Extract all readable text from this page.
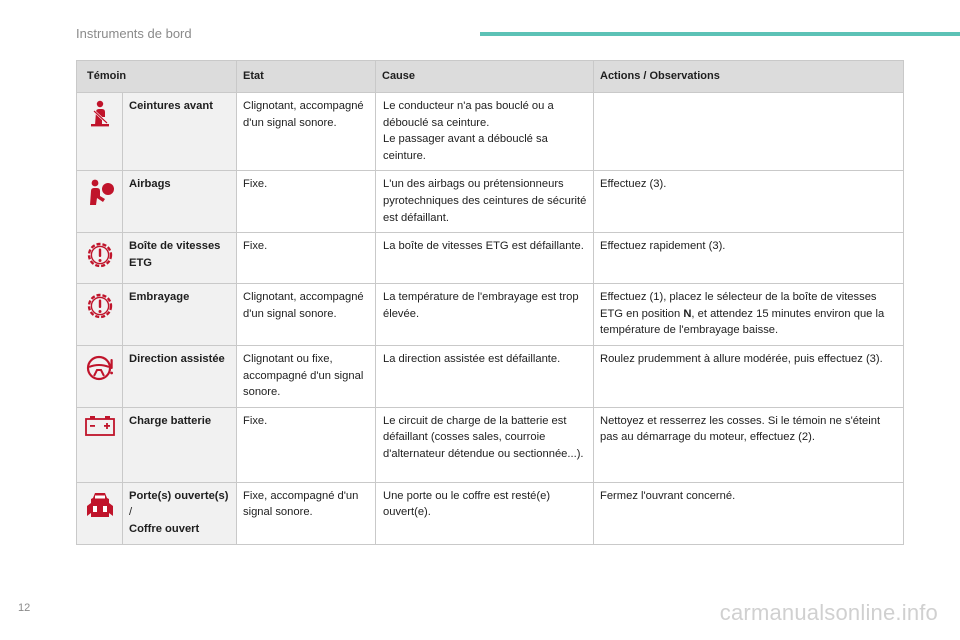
Instruments de bord
Témoin		Etat	Cause	Actions / Observations

	Ceintures avant	Clignotant, accompagné d'un signal sonore.	Le conducteur n'a pas bouclé ou a débouclé sa ceinture.
Le passager avant a débouclé sa ceinture.	

	Airbags	Fixe.	L'un des airbags ou prétensionneurs pyrotechniques des ceintures de sécurité est défaillant.	Effectuez (3).

	Boîte de vitesses ETG	Fixe.	La boîte de vitesses ETG est défaillante.	Effectuez rapidement (3).

	Embrayage	Clignotant, accompagné d'un signal sonore.	La température de l'embrayage est trop élevée.	Effectuez (1), placez le sélecteur de la boîte de vitesses ETG en position N, et attendez 15 minutes environ que la température de l'embrayage baisse.

	Direction assistée	Clignotant ou fixe, accompagné d'un signal sonore.	La direction assistée est défaillante.	Roulez prudemment à allure modérée, puis effectuez (3).

	Charge batterie	Fixe.	Le circuit de charge de la batterie est défaillant (cosses sales, courroie d'alternateur détendue ou sectionnée...).	Nettoyez et resserrez les cosses. Si le témoin ne s'éteint pas au démarrage du moteur, effectuez (2).

	Porte(s) ouverte(s) /
Coffre ouvert	Fixe, accompagné d'un signal sonore.	Une porte ou le coffre est resté(e) ouvert(e).	Fermez l'ouvrant concerné.
12	carmanualsonline.info
